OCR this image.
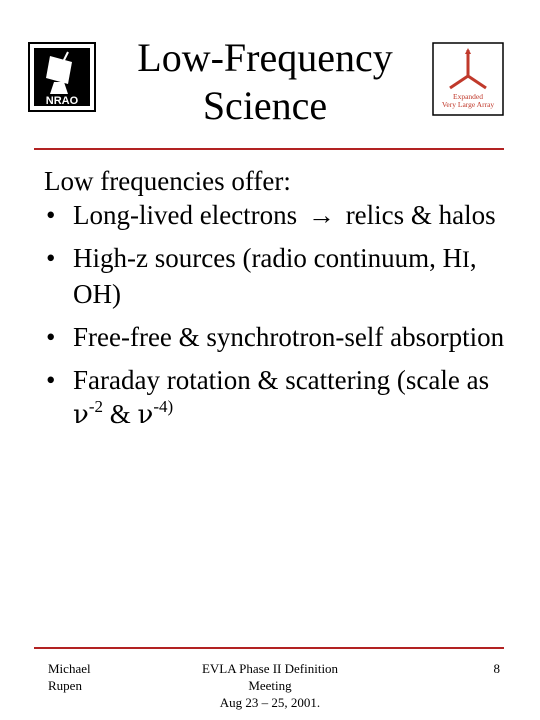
NRAO
Low-Frequency
Science	Expanded
Very Large Array

Low frequencies offer:

• Long-lived electrons → relics & halos
• High-z sources (radio continuum, HI, OH)
• Free-free & synchrotron-self absorption
• Faraday rotation & scattering (scale as $\nu^{-2}$ & $\nu^{-4)}$
Michael
Rupen
EVLA Phase II Definition
Meeting
Aug 23 – 25, 2001.
8
